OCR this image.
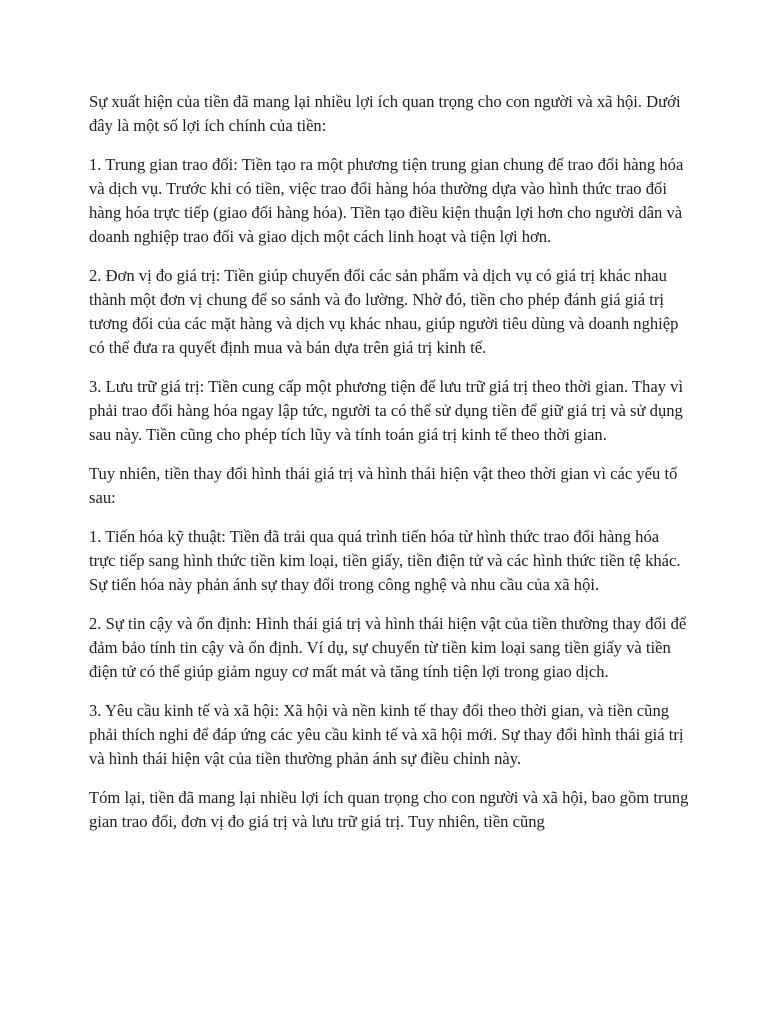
Sự xuất hiện của tiền đã mang lại nhiều lợi ích quan trọng cho con người và xã hội. Dưới đây là một số lợi ích chính của tiền:

1. Trung gian trao đổi: Tiền tạo ra một phương tiện trung gian chung để trao đổi hàng hóa và dịch vụ. Trước khi có tiền, việc trao đổi hàng hóa thường dựa vào hình thức trao đổi hàng hóa trực tiếp (giao đổi hàng hóa). Tiền tạo điều kiện thuận lợi hơn cho người dân và doanh nghiệp trao đổi và giao dịch một cách linh hoạt và tiện lợi hơn.

2. Đơn vị đo giá trị: Tiền giúp chuyển đổi các sản phẩm và dịch vụ có giá trị khác nhau thành một đơn vị chung để so sánh và đo lường. Nhờ đó, tiền cho phép đánh giá giá trị tương đối của các mặt hàng và dịch vụ khác nhau, giúp người tiêu dùng và doanh nghiệp có thể đưa ra quyết định mua và bán dựa trên giá trị kinh tế.

3. Lưu trữ giá trị: Tiền cung cấp một phương tiện để lưu trữ giá trị theo thời gian. Thay vì phải trao đổi hàng hóa ngay lập tức, người ta có thể sử dụng tiền để giữ giá trị và sử dụng sau này. Tiền cũng cho phép tích lũy và tính toán giá trị kinh tế theo thời gian.

Tuy nhiên, tiền thay đổi hình thái giá trị và hình thái hiện vật theo thời gian vì các yếu tố sau:

1. Tiến hóa kỹ thuật: Tiền đã trải qua quá trình tiến hóa từ hình thức trao đổi hàng hóa trực tiếp sang hình thức tiền kim loại, tiền giấy, tiền điện tử và các hình thức tiền tệ khác. Sự tiến hóa này phản ánh sự thay đổi trong công nghệ và nhu cầu của xã hội.

2. Sự tin cậy và ổn định: Hình thái giá trị và hình thái hiện vật của tiền thường thay đổi để đảm bảo tính tin cậy và ổn định. Ví dụ, sự chuyển từ tiền kim loại sang tiền giấy và tiền điện tử có thể giúp giảm nguy cơ mất mát và tăng tính tiện lợi trong giao dịch.

3. Yêu cầu kinh tế và xã hội: Xã hội và nền kinh tế thay đổi theo thời gian, và tiền cũng phải thích nghi để đáp ứng các yêu cầu kinh tế và xã hội mới. Sự thay đổi hình thái giá trị và hình thái hiện vật của tiền thường phản ánh sự điều chỉnh này.

Tóm lại, tiền đã mang lại nhiều lợi ích quan trọng cho con người và xã hội, bao gồm trung gian trao đổi, đơn vị đo giá trị và lưu trữ giá trị. Tuy nhiên, tiền cũng
